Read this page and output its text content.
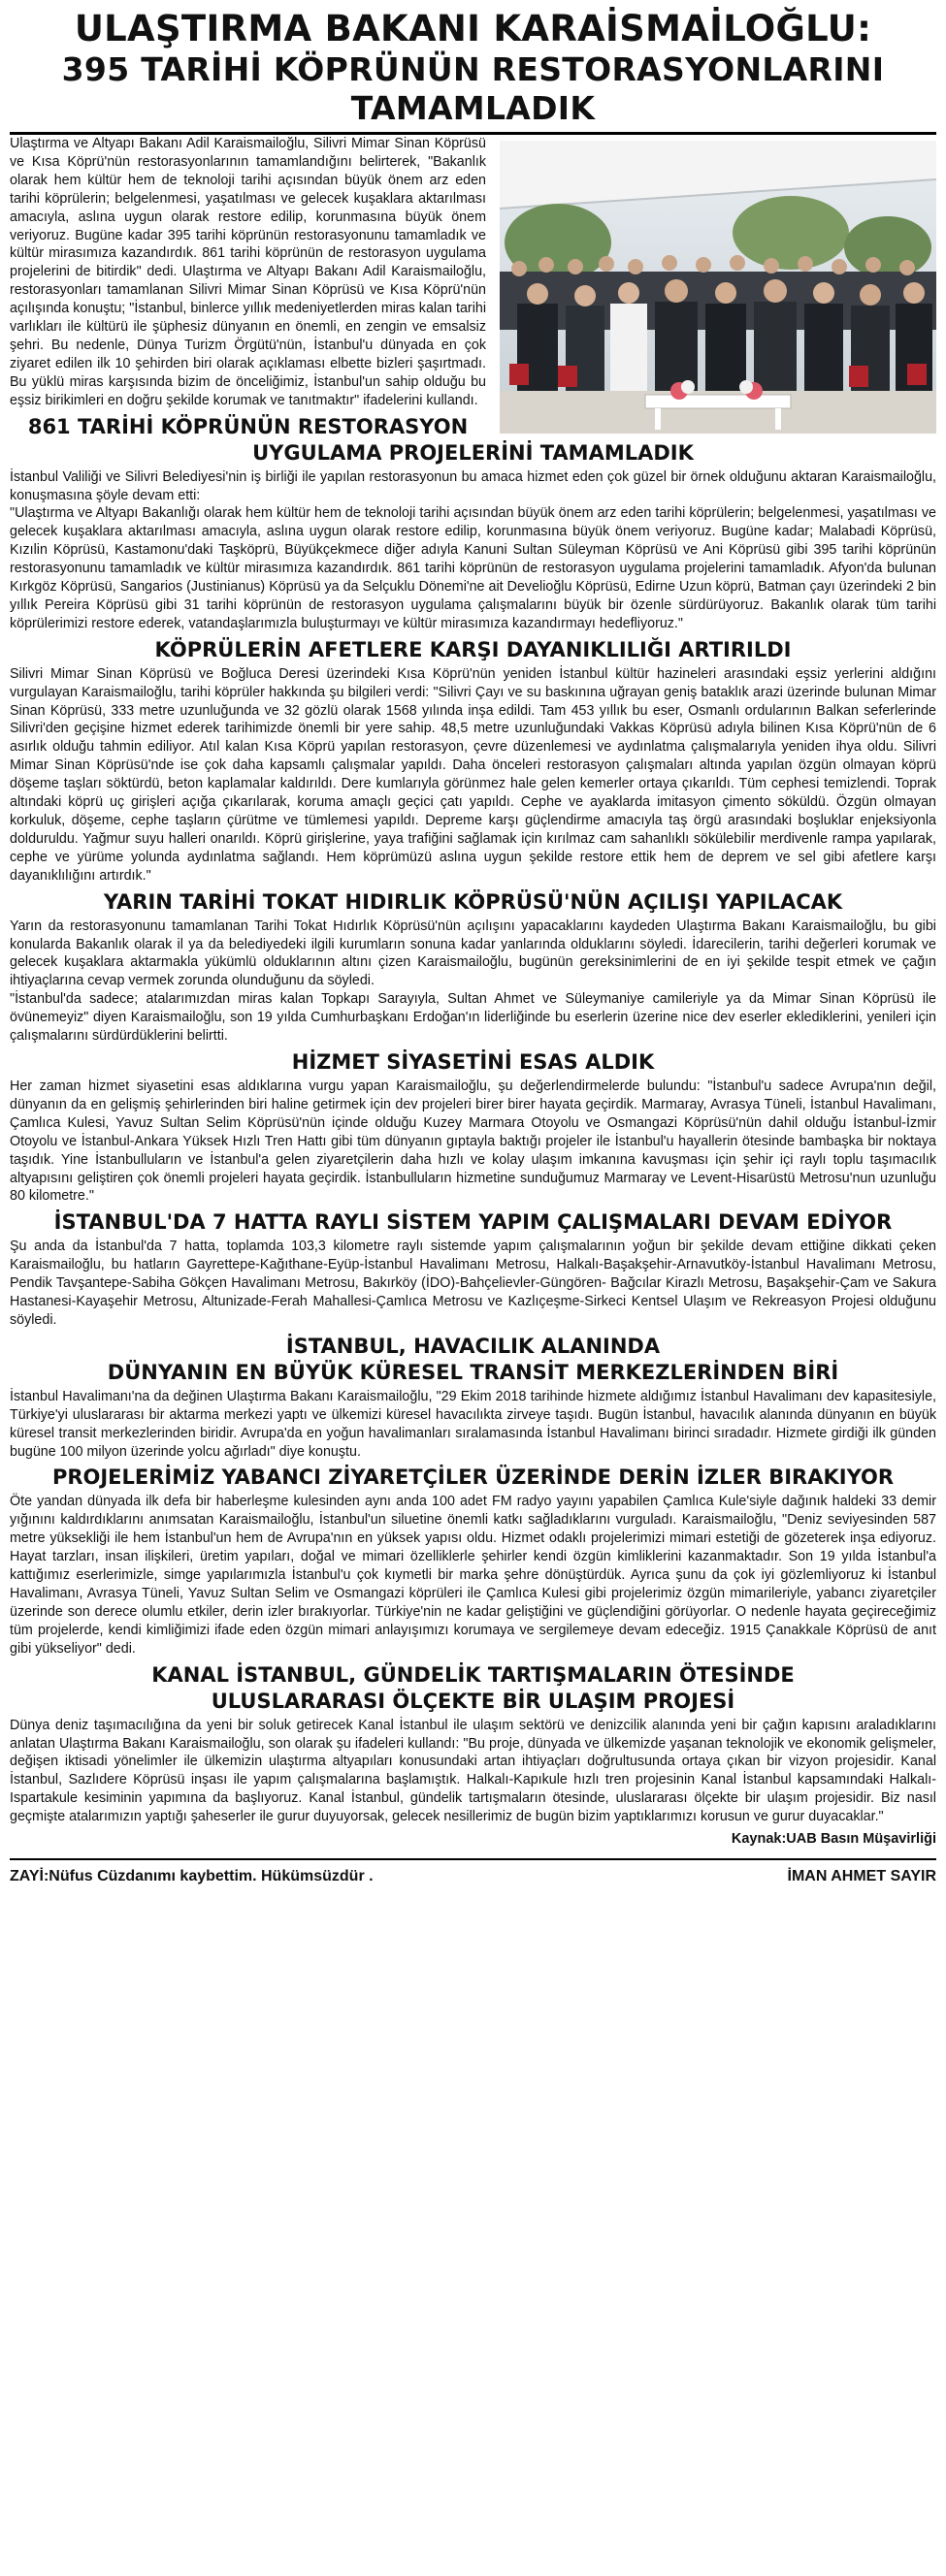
ULAŞTIRMA BAKANI KARAİSMAİLOĞLU:
395 TARİHİ KÖPRÜNÜN RESTORASYONLARINI TAMAMLADIK

Ulaştırma ve Altyapı Bakanı Adil Karaismailoğlu, Silivri Mimar Sinan Köprüsü ve Kısa Köprü'nün restorasyonlarının tamamlandığını belirterek, "Bakanlık olarak hem kültür hem de teknoloji tarihi açısından büyük önem arz eden tarihi köprülerin; belgelenmesi, yaşatılması ve gelecek kuşaklara aktarılması amacıyla, aslına uygun olarak restore edilip, korunmasına büyük önem veriyoruz. Bugüne kadar 395 tarihi köprünün restorasyonunu tamamladık ve kültür mirasımıza kazandırdık. 861 tarihi köprünün de restorasyon uygulama projelerini de bitirdik" dedi. Ulaştırma ve Altyapı Bakanı Adil Karaismailoğlu, restorasyonları tamamlanan Silivri Mimar Sinan Köprüsü ve Kısa Köprü'nün açılışında konuştu; "İstanbul, binlerce yıllık medeniyetlerden miras kalan tarihi varlıkları ile kültürü ile şüphesiz dünyanın en önemli, en zengin ve emsalsiz şehri. Bu nedenle, Dünya Turizm Örgütü'nün, İstanbul'u dünyada en çok ziyaret edilen ilk 10 şehirden biri olarak açıklaması elbette bizleri şaşırtmadı. Bu yüklü miras karşısında bizim de önceliğimiz, İstanbul'un sahip olduğu bu eşsiz birikimleri en doğru şekilde korumak ve tanıtmaktır" ifadelerini kullandı.

861 TARİHİ KÖPRÜNÜN RESTORASYON UYGULAMA PROJELERİNİ TAMAMLADIK

İstanbul Valiliği ve Silivri Belediyesi'nin iş birliği ile yapılan restorasyonun bu amaca hizmet eden çok güzel bir örnek olduğunu aktaran Karaismailoğlu, konuşmasına şöyle devam etti:

"Ulaştırma ve Altyapı Bakanlığı olarak hem kültür hem de teknoloji tarihi açısından büyük önem arz eden tarihi köprülerin; belgelenmesi, yaşatılması ve gelecek kuşaklara aktarılması amacıyla, aslına uygun olarak restore edilip, korunmasına büyük önem veriyoruz. Bugüne kadar; Malabadi Köprüsü, Kızılin Köprüsü, Kastamonu'daki Taşköprü, Büyükçekmece diğer adıyla Kanuni Sultan Süleyman Köprüsü ve Ani Köprüsü gibi 395 tarihi köprünün restorasyonunu tamamladık ve kültür mirasımıza kazandırdık. 861 tarihi köprünün de restorasyon uygulama projelerini tamamladık. Afyon'da bulunan Kırkgöz Köprüsü, Sangarios (Justinianus) Köprüsü ya da Selçuklu Dönemi'ne ait Develioğlu Köprüsü, Edirne Uzun köprü, Batman çayı üzerindeki 2 bin yıllık Pereira Köprüsü gibi 31 tarihi köprünün de restorasyon uygulama çalışmalarını büyük bir özenle sürdürüyoruz. Bakanlık olarak tüm tarihi köprülerimizi restore ederek, vatandaşlarımızla buluşturmayı ve kültür mirasımıza kazandırmayı hedefliyoruz."

KÖPRÜLERİN AFETLERE KARŞI DAYANIKLILIĞI ARTIRILDI

Silivri Mimar Sinan Köprüsü ve Boğluca Deresi üzerindeki Kısa Köprü'nün yeniden İstanbul kültür hazineleri arasındaki eşsiz yerlerini aldığını vurgulayan Karaismailoğlu, tarihi köprüler hakkında şu bilgileri verdi: "Silivri Çayı ve su baskınına uğrayan geniş bataklık arazi üzerinde bulunan Mimar Sinan Köprüsü, 333 metre uzunluğunda ve 32 gözlü olarak 1568 yılında inşa edildi. Tam 453 yıllık bu eser, Osmanlı ordularının Balkan seferlerinde Silivri'den geçişine hizmet ederek tarihimizde önemli bir yere sahip. 48,5 metre uzunluğundaki Vakkas Köprüsü adıyla bilinen Kısa Köprü'nün de 6 asırlık olduğu tahmin ediliyor. Atıl kalan Kısa Köprü yapılan restorasyon, çevre düzenlemesi ve aydınlatma çalışmalarıyla yeniden ihya oldu. Silivri Mimar Sinan Köprüsü'nde ise çok daha kapsamlı çalışmalar yapıldı. Daha önceleri restorasyon çalışmaları altında yapılan özgün olmayan köprü döşeme taşları söktürdü, beton kaplamalar kaldırıldı. Dere kumlarıyla görünmez hale gelen kemerler ortaya çıkarıldı. Tüm cephesi temizlendi. Toprak altındaki köprü uç girişleri açığa çıkarılarak, koruma amaçlı geçici çatı yapıldı. Cephe ve ayaklarda imitasyon çimento söküldü. Özgün olmayan korkuluk, döşeme, cephe taşların çürütme ve tümlemesi yapıldı. Depreme karşı güçlendirme amacıyla taş örgü arasındaki boşluklar enjeksiyonla dolduruldu. Yağmur suyu halleri onarıldı. Köprü girişlerine, yaya trafiğini sağlamak için kırılmaz cam sahanlıklı sökülebilir merdivenle rampa yapılarak, cephe ve yürüme yolunda aydınlatma sağlandı. Hem köprümüzü aslına uygun şekilde restore ettik hem de deprem ve sel gibi afetlere karşı dayanıklılığını artırdık."

YARIN TARİHİ TOKAT HIDIRLIK KÖPRÜSÜ'NÜN AÇILIŞI YAPILACAK

Yarın da restorasyonunu tamamlanan Tarihi Tokat Hıdırlık Köprüsü'nün açılışını yapacaklarını kaydeden Ulaştırma Bakanı Karaismailoğlu, bu gibi konularda Bakanlık olarak il ya da belediyedeki ilgili kurumların sonuna kadar yanlarında olduklarını söyledi. İdarecilerin, tarihi değerleri korumak ve gelecek kuşaklara aktarmakla yükümlü olduklarının altını çizen Karaismailoğlu, bugünün gereksinimlerini de en iyi şekilde tespit etmek ve çağın ihtiyaçlarına cevap vermek zorunda olunduğunu da söyledi.

"İstanbul'da sadece; atalarımızdan miras kalan Topkapı Sarayıyla, Sultan Ahmet ve Süleymaniye camileriyle ya da Mimar Sinan Köprüsü ile övünemeyiz" diyen Karaismailoğlu, son 19 yılda Cumhurbaşkanı Erdoğan'ın liderliğinde bu eserlerin üzerine nice dev eserler eklediklerini, yenileri için çalışmalarını sürdürdüklerini belirtti.

HİZMET SİYASETİNİ ESAS ALDIK

Her zaman hizmet siyasetini esas aldıklarına vurgu yapan Karaismailoğlu, şu değerlendirmelerde bulundu: "İstanbul'u sadece Avrupa'nın değil, dünyanın da en gelişmiş şehirlerinden biri haline getirmek için dev projeleri birer birer hayata geçirdik. Marmaray, Avrasya Tüneli, İstanbul Havalimanı, Çamlıca Kulesi, Yavuz Sultan Selim Köprüsü'nün içinde olduğu Kuzey Marmara Otoyolu ve Osmangazi Köprüsü'nün dahil olduğu İstanbul-İzmir Otoyolu ve İstanbul-Ankara Yüksek Hızlı Tren Hattı gibi tüm dünyanın gıptayla baktığı projeler ile İstanbul'u hayallerin ötesinde bambaşka bir noktaya taşıdık. Yine İstanbulluların ve İstanbul'a gelen ziyaretçilerin daha hızlı ve kolay ulaşım imkanına kavuşması için şehir içi raylı toplu taşımacılık altyapısını geliştiren çok önemli projeleri hayata geçirdik. İstanbulluların hizmetine sunduğumuz Marmaray ve Levent-Hisarüstü Metrosu'nun uzunluğu 80 kilometre."

İSTANBUL'DA 7 HATTA RAYLI SİSTEM YAPIM ÇALIŞMALARI DEVAM EDİYOR

Şu anda da İstanbul'da 7 hatta, toplamda 103,3 kilometre raylı sistemde yapım çalışmalarının yoğun bir şekilde devam ettiğine dikkati çeken Karaismailoğlu, bu hatların Gayrettepe-Kağıthane-Eyüp-İstanbul Havalimanı Metrosu, Halkalı-Başakşehir-Arnavutköy-İstanbul Havalimanı Metrosu, Pendik Tavşantepe-Sabiha Gökçen Havalimanı Metrosu, Bakırköy (İDO)-Bahçelievler-Güngören- Bağcılar Kirazlı Metrosu, Başakşehir-Çam ve Sakura Hastanesi-Kayaşehir Metrosu, Altunizade-Ferah Mahallesi-Çamlıca Metrosu ve Kazlıçeşme-Sirkeci Kentsel Ulaşım ve Rekreasyon Projesi olduğunu söyledi.

İSTANBUL, HAVACILIK ALANINDA
DÜNYANIN EN BÜYÜK KÜRESEL TRANSİT MERKEZLERİNDEN BİRİ

İstanbul Havalimanı'na da değinen Ulaştırma Bakanı Karaismailoğlu, "29 Ekim 2018 tarihinde hizmete aldığımız İstanbul Havalimanı dev kapasitesiyle, Türkiye'yi uluslararası bir aktarma merkezi yaptı ve ülkemizi küresel havacılıkta zirveye taşıdı. Bugün İstanbul, havacılık alanında dünyanın en büyük küresel transit merkezlerinden biridir. Avrupa'da en yoğun havalimanları sıralamasında İstanbul Havalimanı birinci sıradadır. Hizmete girdiği ilk günden bugüne 100 milyon üzerinde yolcu ağırladı" diye konuştu.

PROJELERİMİZ YABANCI ZİYARETÇİLER ÜZERİNDE DERİN İZLER BIRAKIYOR

Öte yandan dünyada ilk defa bir haberleşme kulesinden aynı anda 100 adet FM radyo yayını yapabilen Çamlıca Kule'siyle dağınık haldeki 33 demir yığınını kaldırdıklarını anımsatan Karaismailoğlu, İstanbul'un siluetine önemli katkı sağladıklarını vurguladı. Karaismailoğlu, "Deniz seviyesinden 587 metre yüksekliği ile hem İstanbul'un hem de Avrupa'nın en yüksek yapısı oldu. Hizmet odaklı projelerimizi mimari estetiği de gözeterek inşa ediyoruz. Hayat tarzları, insan ilişkileri, üretim yapıları, doğal ve mimari özelliklerle şehirler kendi özgün kimliklerini kazanmaktadır. Son 19 yılda İstanbul'a kattığımız eserlerimizle, simge yapılarımızla İstanbul'u çok kıymetli bir marka şehre dönüştürdük. Ayrıca şunu da çok iyi gözlemliyoruz ki İstanbul Havalimanı, Avrasya Tüneli, Yavuz Sultan Selim ve Osmangazi köprüleri ile Çamlıca Kulesi gibi projelerimiz özgün mimarileriyle, yabancı ziyaretçiler üzerinde son derece olumlu etkiler, derin izler bırakıyorlar. Türkiye'nin ne kadar geliştiğini ve güçlendiğini görüyorlar. O nedenle hayata geçireceğimiz tüm projelerde, kendi kimliğimizi ifade eden özgün mimari anlayışımızı korumaya ve sergilemeye devam edeceğiz. 1915 Çanakkale Köprüsü de anıt gibi yükseliyor" dedi.

KANAL İSTANBUL, GÜNDELİK TARTIŞMALARIN ÖTESİNDE
ULUSLARARASI ÖLÇEKTE BİR ULAŞIM PROJESİ

Dünya deniz taşımacılığına da yeni bir soluk getirecek Kanal İstanbul ile ulaşım sektörü ve denizcilik alanında yeni bir çağın kapısını araladıklarını anlatan Ulaştırma Bakanı Karaismailoğlu, son olarak şu ifadeleri kullandı: "Bu proje, dünyada ve ülkemizde yaşanan teknolojik ve ekonomik gelişmeler, değişen iktisadi yönelimler ile ülkemizin ulaştırma altyapıları konusundaki artan ihtiyaçları doğrultusunda ortaya çıkan bir vizyon projesidir. Kanal İstanbul, Sazlıdere Köprüsü inşası ile yapım çalışmalarına başlamıştık. Halkalı-Kapıkule hızlı tren projesinin Kanal İstanbul kapsamındaki Halkalı-Ispartakule kesiminin yapımına da başlıyoruz. Kanal İstanbul, gündelik tartışmaların ötesinde, uluslararası ölçekte bir ulaşım projesidir. Biz nasıl geçmişte atalarımızın yaptığı şaheserler ile gurur duyuyorsak, gelecek nesillerimiz de bugün bizim yaptıklarımızı korusun ve gurur duyacaklar."

Kaynak:UAB Basın Müşavirliği
ZAYİ:Nüfus Cüzdanımı kaybettim. Hükümsüzdür .	İMAN AHMET SAYIR
